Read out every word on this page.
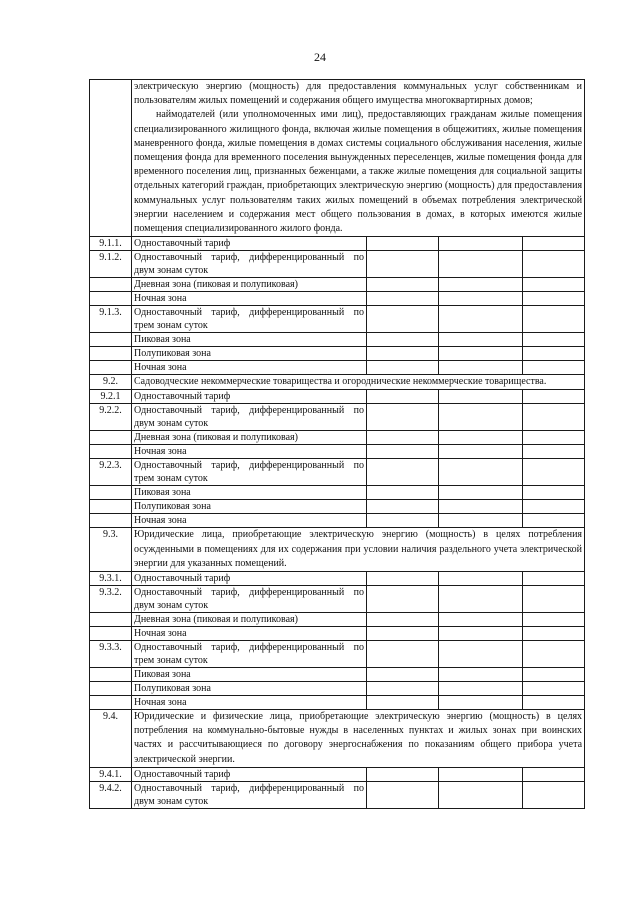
24

	электрическую энергию (мощность) для предоставления коммунальных услуг собственникам и пользователям жилых помещений и содержания общего имущества многоквартирных домов;

наймодателей (или уполномоченных ими лиц), предоставляющих гражданам жилые помещения специализированного жилищного фонда, включая жилые помещения в общежитиях, жилые помещения маневренного фонда, жилые помещения в домах системы социального обслуживания населения, жилые помещения фонда для временного поселения вынужденных переселенцев, жилые помещения фонда для временного поселения лиц, признанных беженцами, а также жилые помещения для социальной защиты отдельных категорий граждан, приобретающих электрическую энергию (мощность) для предоставления коммунальных услуг пользователям таких жилых помещений в объемах потребления электрической энергии населением и содержания мест общего пользования в домах, в которых имеются жилые помещения специализированного жилого фонда.			

9.1.1.	Одноставочный тариф			
9.1.2.	Одноставочный тариф, дифференцированный по двум зонам суток			
	Дневная зона (пиковая и полупиковая)			
	Ночная зона			
9.1.3.	Одноставочный тариф, дифференцированный по трем зонам суток			
	Пиковая зона			
	Полупиковая зона			
	Ночная зона			
9.2.	Садоводческие некоммерческие товарищества и огороднические некоммерческие товарищества.			
9.2.1	Одноставочный тариф			
9.2.2.	Одноставочный тариф, дифференцированный по двум зонам суток			
	Дневная зона (пиковая и полупиковая)			
	Ночная зона			
9.2.3.	Одноставочный тариф, дифференцированный по трем зонам суток			
	Пиковая зона			
	Полупиковая зона			
	Ночная зона			
9.3.	Юридические лица, приобретающие электрическую энергию (мощность) в целях потребления осужденными в помещениях для их содержания при условии наличия раздельного учета электрической энергии для указанных помещений.			
9.3.1.	Одноставочный тариф			
9.3.2.	Одноставочный тариф, дифференцированный по двум зонам суток			
	Дневная зона (пиковая и полупиковая)			
	Ночная зона			
9.3.3.	Одноставочный тариф, дифференцированный по трем зонам суток			
	Пиковая зона			
	Полупиковая зона			
	Ночная зона			
9.4.	Юридические и физические лица, приобретающие электрическую энергию (мощность) в целях потребления на коммунально-бытовые нужды в населенных пунктах и жилых зонах при воинских частях и рассчитывающиеся по договору энергоснабжения по показаниям общего прибора учета электрической энергии.			
9.4.1.	Одноставочный тариф			
9.4.2.	Одноставочный тариф, дифференцированный по двум зонам суток			
